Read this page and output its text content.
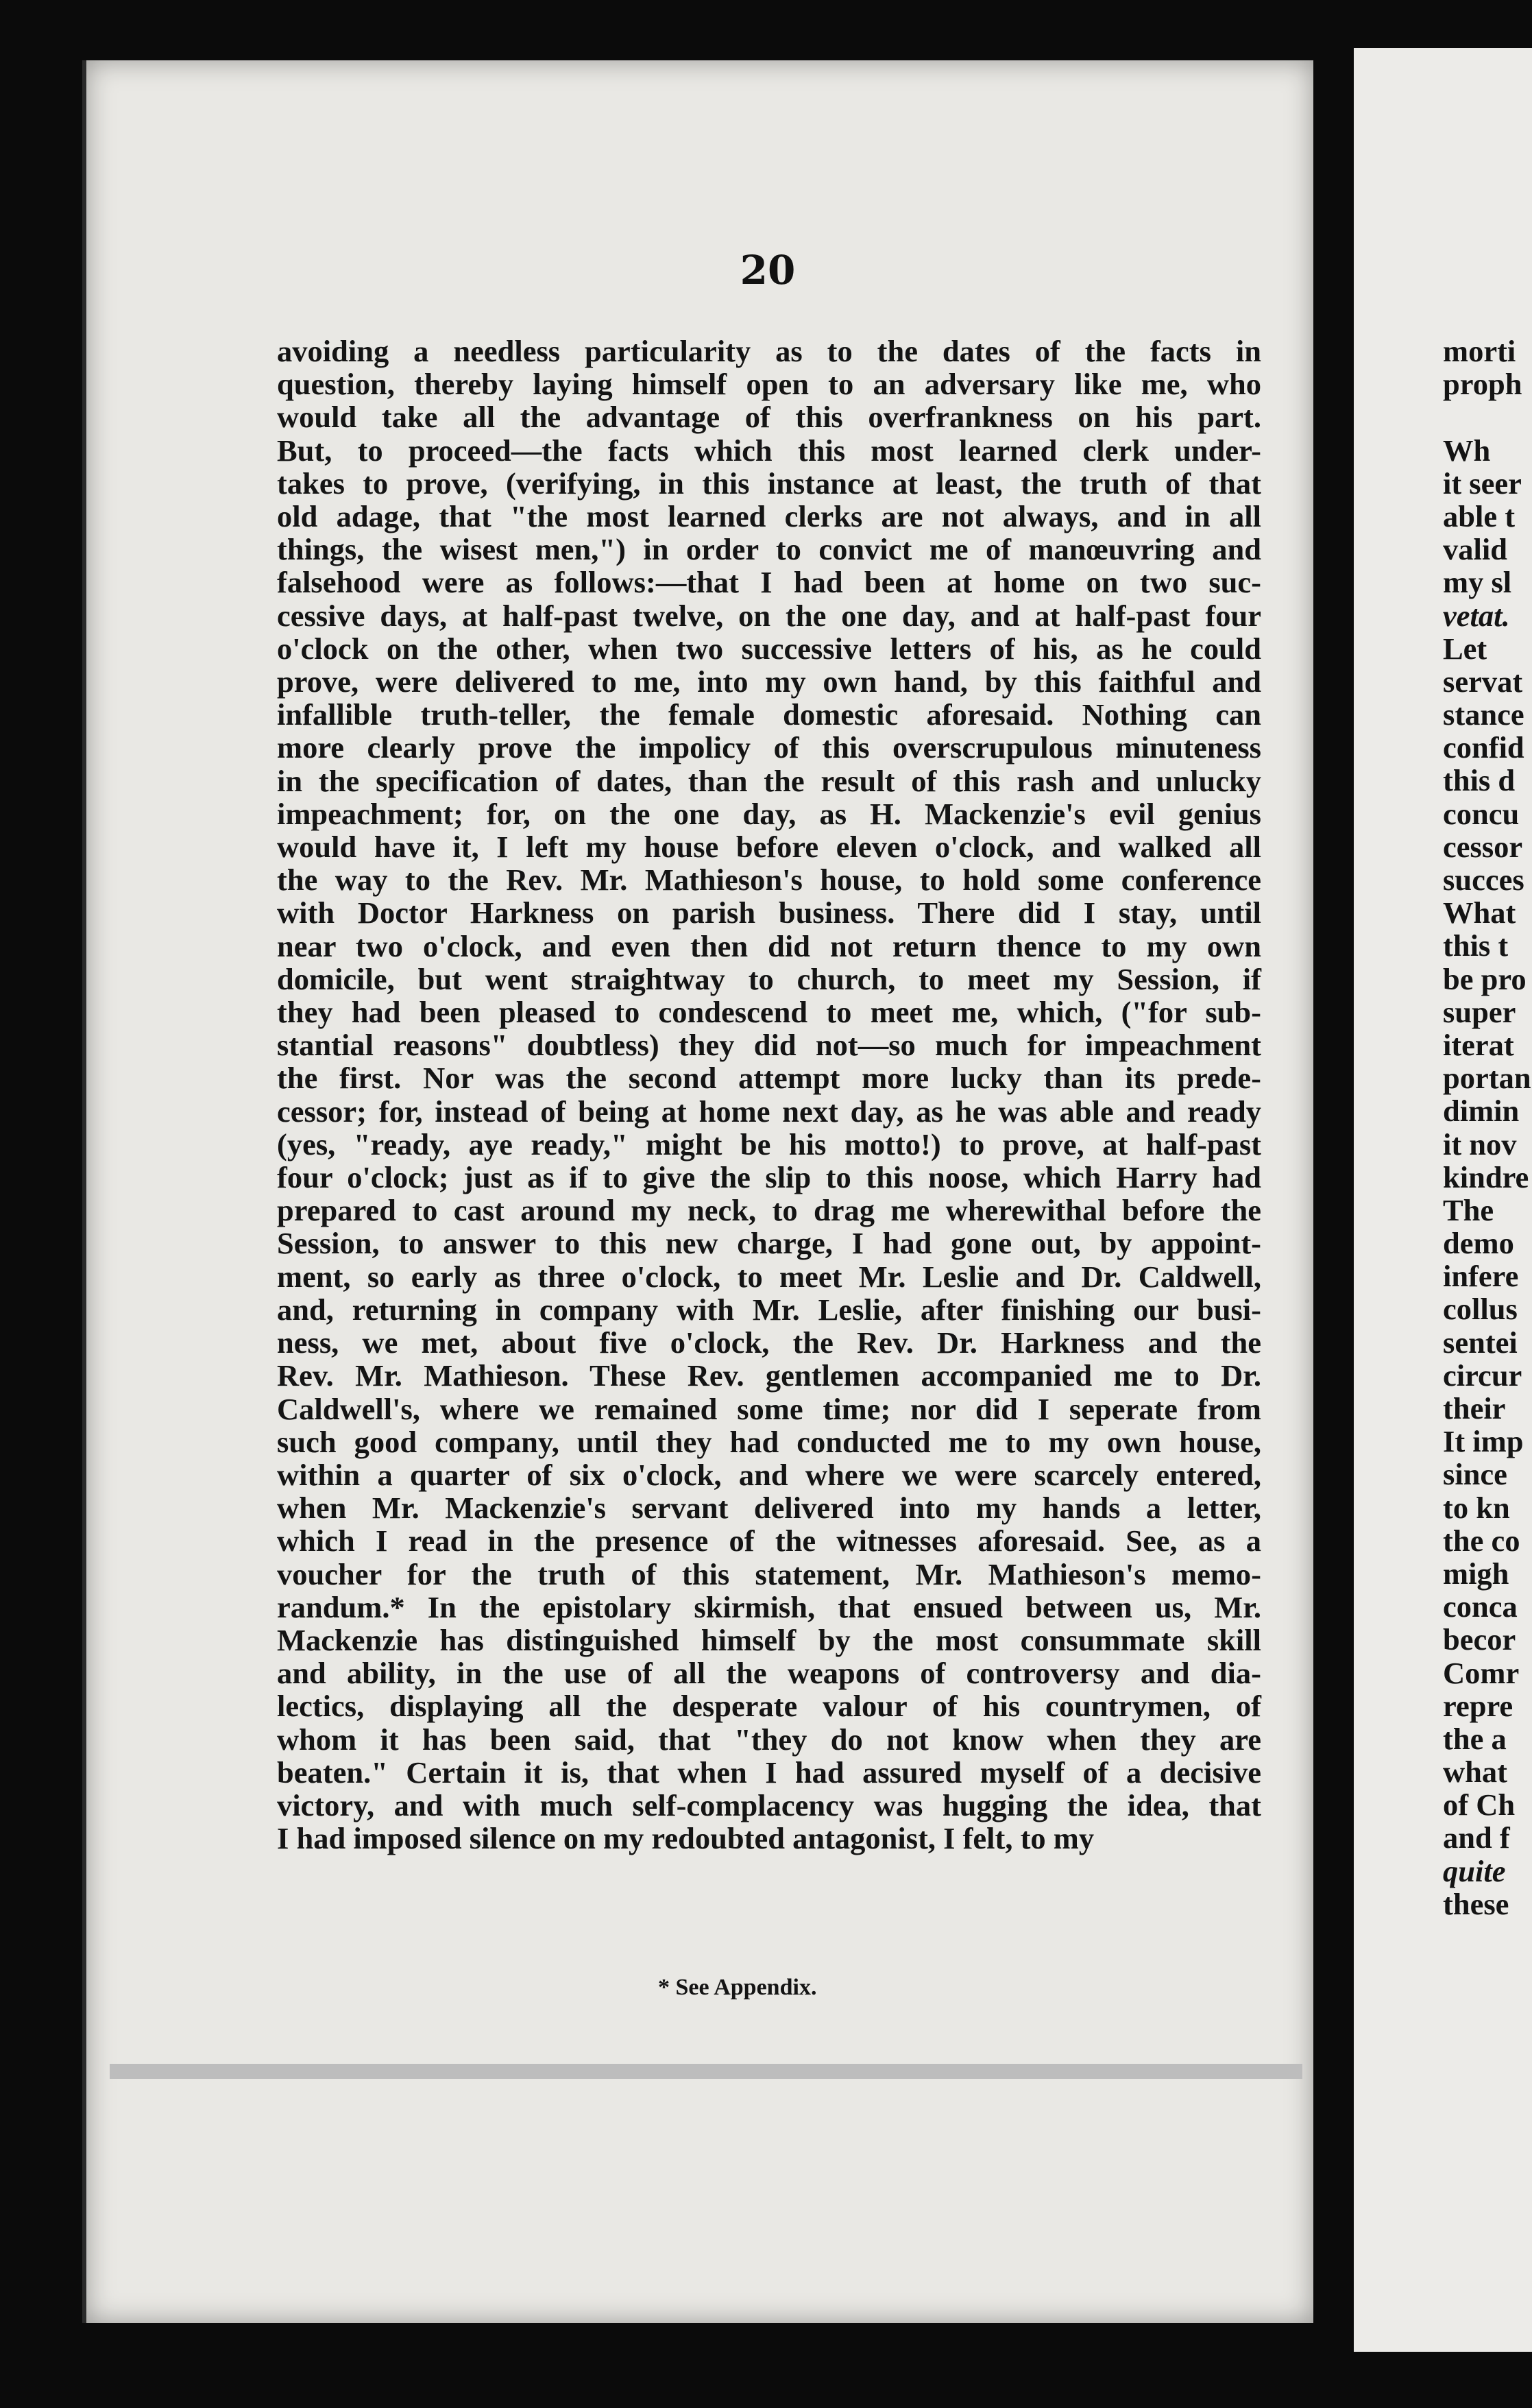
20

avoiding a needless particularity as to the dates of the facts in
question, thereby laying himself open to an adversary like me, who
would take all the advantage of this overfrankness on his part.
But, to proceed—the facts which this most learned clerk under-
takes to prove, (verifying, in this instance at least, the truth of that
old adage, that "the most learned clerks are not always, and in all
things, the wisest men,") in order to convict me of manœuvring and
falsehood were as follows:—that I had been at home on two suc-
cessive days, at half-past twelve, on the one day, and at half-past four
o'clock on the other, when two successive letters of his, as he could
prove, were delivered to me, into my own hand, by this faithful and
infallible truth-teller, the female domestic aforesaid. Nothing can
more clearly prove the impolicy of this overscrupulous minuteness
in the specification of dates, than the result of this rash and unlucky
impeachment; for, on the one day, as H. Mackenzie's evil genius
would have it, I left my house before eleven o'clock, and walked all
the way to the Rev. Mr. Mathieson's house, to hold some conference
with Doctor Harkness on parish business. There did I stay, until
near two o'clock, and even then did not return thence to my own
domicile, but went straightway to church, to meet my Session, if
they had been pleased to condescend to meet me, which, ("for sub-
stantial reasons" doubtless) they did not—so much for impeachment
the first. Nor was the second attempt more lucky than its prede-
cessor; for, instead of being at home next day, as he was able and ready
(yes, "ready, aye ready," might be his motto!) to prove, at half-past
four o'clock; just as if to give the slip to this noose, which Harry had
prepared to cast around my neck, to drag me wherewithal before the
Session, to answer to this new charge, I had gone out, by appoint-
ment, so early as three o'clock, to meet Mr. Leslie and Dr. Caldwell,
and, returning in company with Mr. Leslie, after finishing our busi-
ness, we met, about five o'clock, the Rev. Dr. Harkness and the
Rev. Mr. Mathieson. These Rev. gentlemen accompanied me to Dr.
Caldwell's, where we remained some time; nor did I seperate from
such good company, until they had conducted me to my own house,
within a quarter of six o'clock, and where we were scarcely entered,
when Mr. Mackenzie's servant delivered into my hands a letter,
which I read in the presence of the witnesses aforesaid. See, as a
voucher for the truth of this statement, Mr. Mathieson's memo-
randum.* In the epistolary skirmish, that ensued between us, Mr.
Mackenzie has distinguished himself by the most consummate skill
and ability, in the use of all the weapons of controversy and dia-
lectics, displaying all the desperate valour of his countrymen, of
whom it has been said, that "they do not know when they are
beaten." Certain it is, that when I had assured myself of a decisive
victory, and with much self-complacency was hugging the idea, that
I had imposed silence on my redoubted antagonist, I felt, to my

* See Appendix.

morti
proph
Wh
it seer
able t
valid
my sl
vetat.
Let
servat
stance
confid
this d
concu
cessor
succes
What
this t
be pro
super
iterat
portan
dimin
it nov
kindre
The
demo
infere
collus
sentei
circur
their
It imp
since
to kn
the co
migh
conca
becor
Comr
repre
the a
what
of Ch
and f
quite
these
